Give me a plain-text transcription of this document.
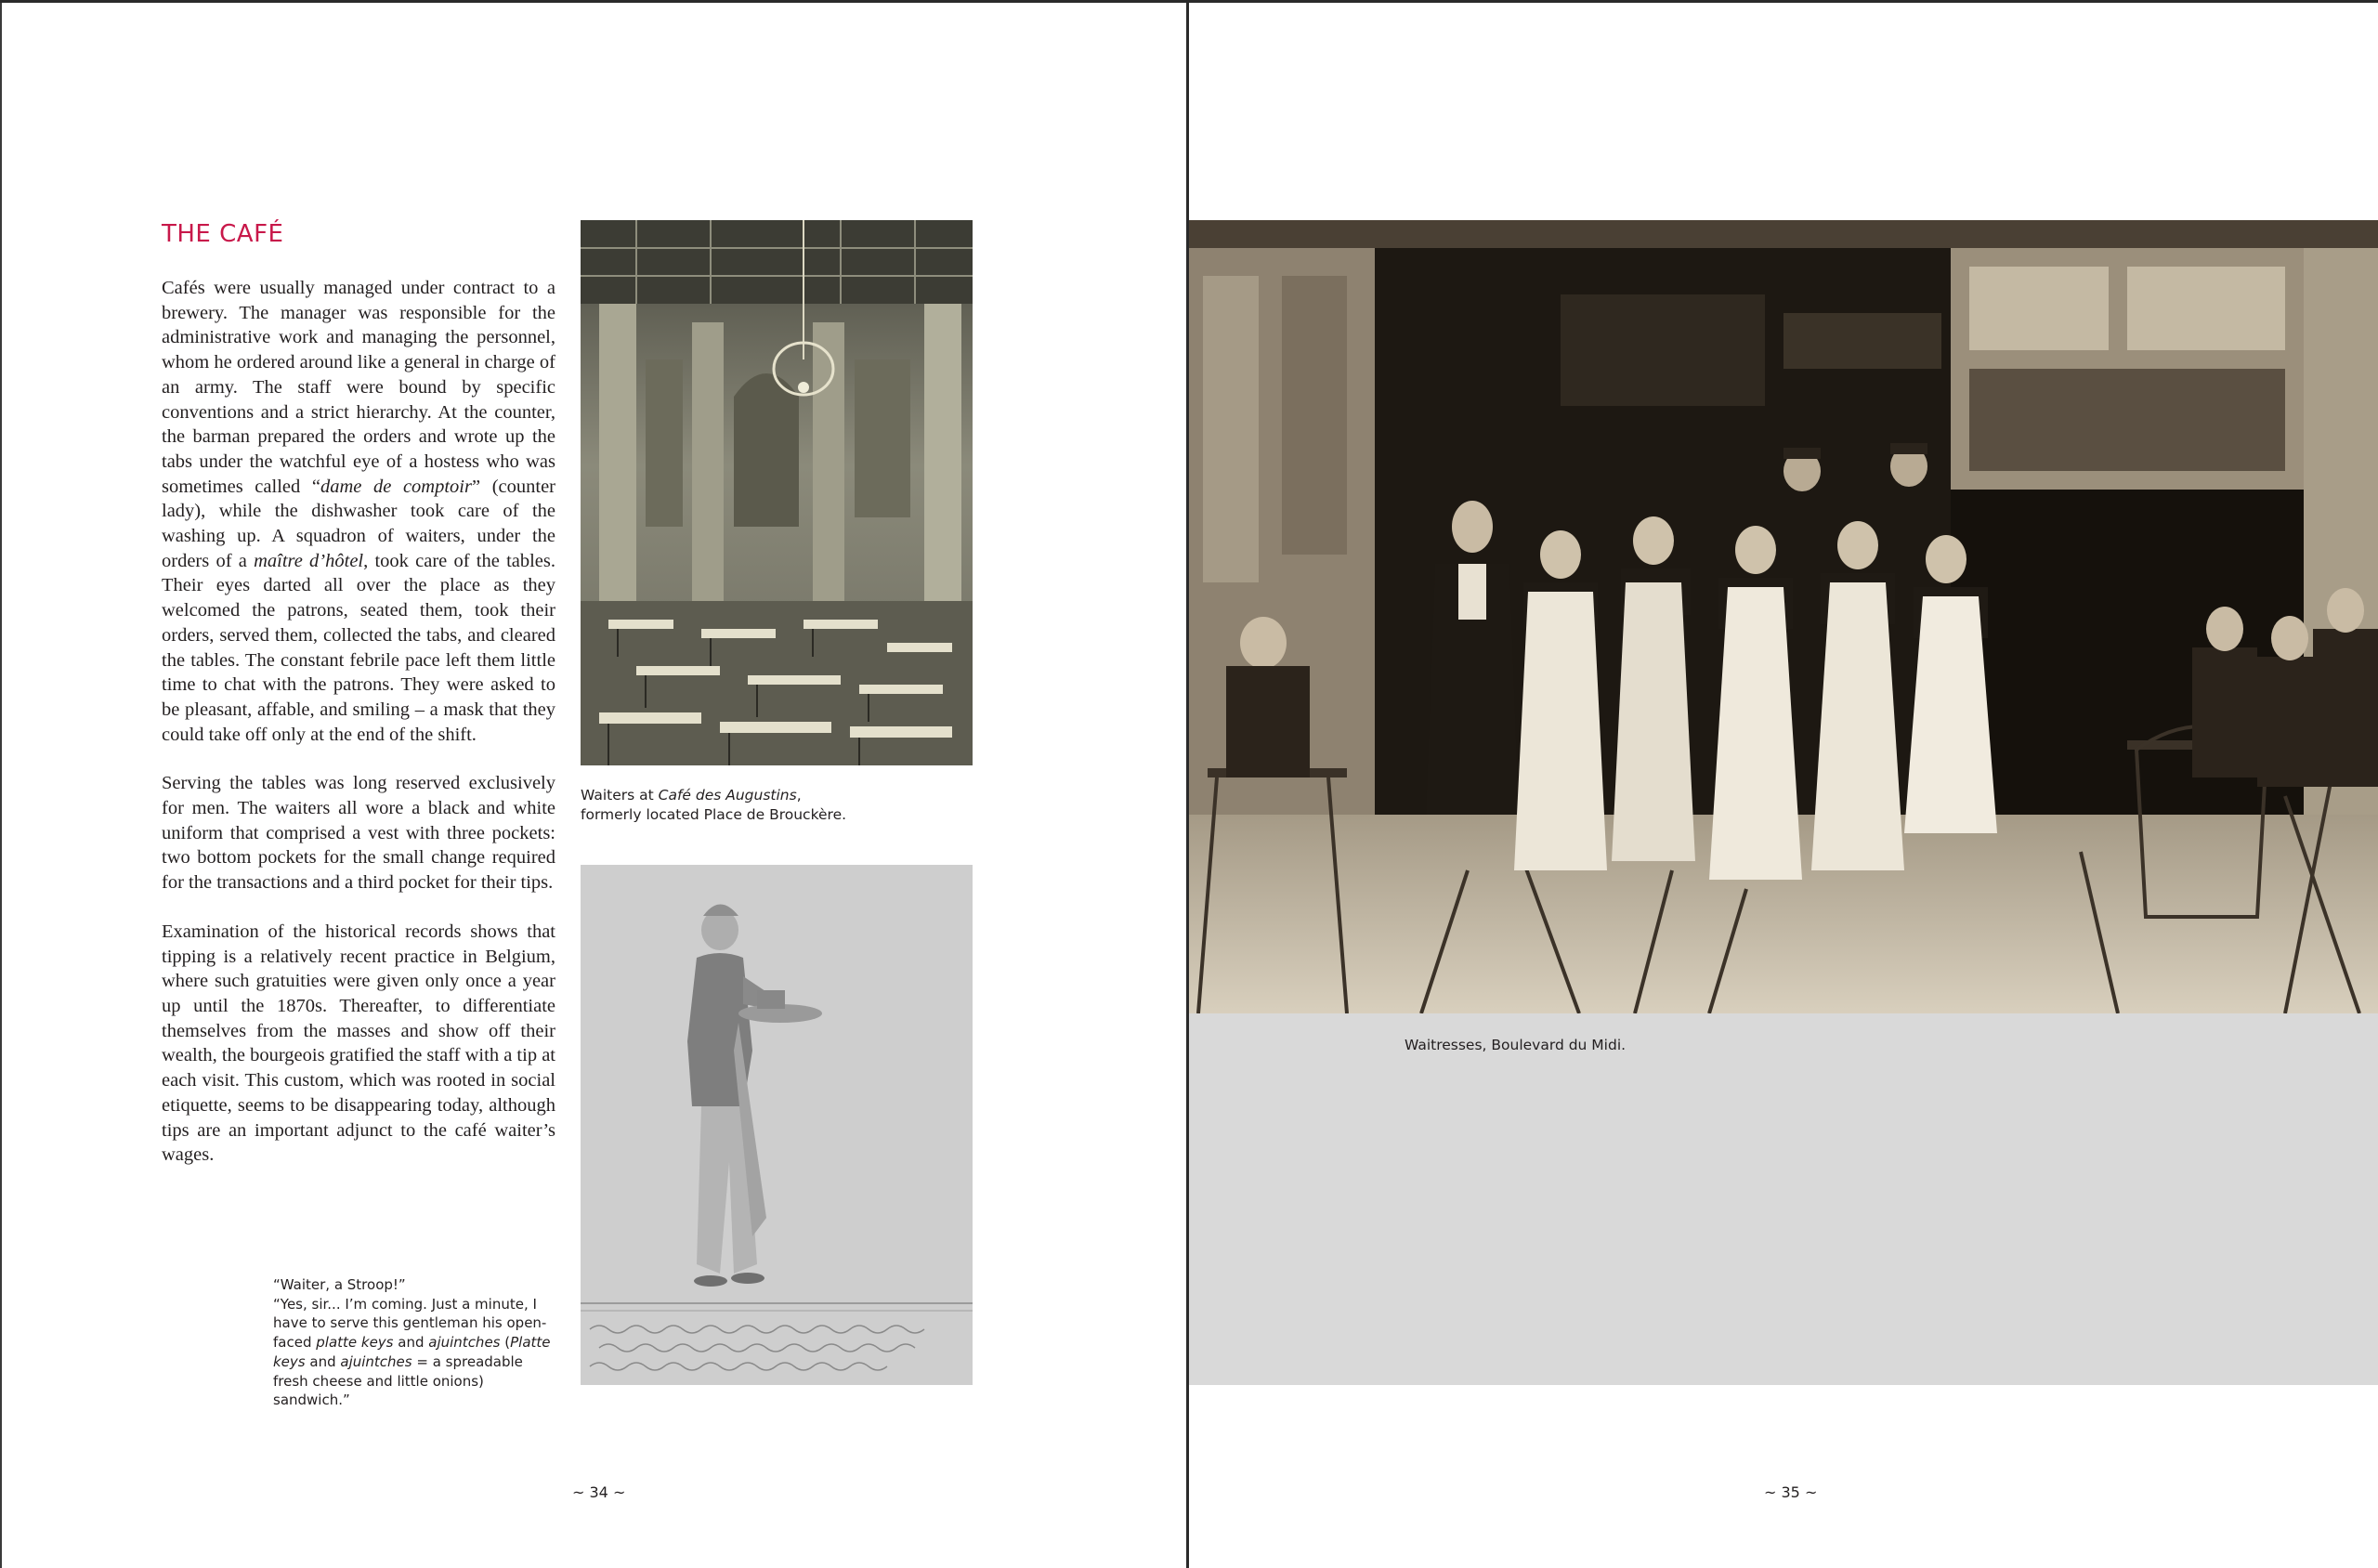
THE CAFÉ

Cafés were usually managed under contract to a brewery. The manager was responsible for the administrative work and managing the personnel, whom he ordered around like a general in charge of an army. The staff were bound by specific conventions and a strict hierarchy. At the counter, the barman prepared the orders and wrote up the tabs under the watchful eye of a hostess who was sometimes called “dame de comptoir” (counter lady), while the dishwasher took care of the washing up. A squadron of waiters, under the orders of a maître d’hôtel, took care of the tables. Their eyes darted all over the place as they welcomed the patrons, seated them, took their orders, served them, collected the tabs, and cleared the tables. The constant febrile pace left them little time to chat with the patrons. They were asked to be pleasant, affable, and smiling – a mask that they could take off only at the end of the shift.

Serving the tables was long reserved exclusively for men. The waiters all wore a black and white uniform that comprised a vest with three pockets: two bottom pockets for the small change required for the transactions and a third pocket for their tips.

Examination of the historical records shows that tipping is a relatively recent practice in Belgium, where such gratuities were given only once a year up until the 1870s. Thereafter, to differentiate themselves from the masses and show off their wealth, the bourgeois gratified the staff with a tip at each visit. This custom, which was rooted in social etiquette, seems to be disappearing today, although tips are an important adjunct to the café waiter’s wages.

Waiters at Café des Augustins,
formerly located Place de Brouckère.
“Waiter, a Stroop!”
“Yes, sir... I’m coming. Just a minute, I have to serve this gentleman his open-faced platte keys and ajuintches (Platte keys and ajuintches = a spreadable fresh cheese and little onions) sandwich.”
~ 34 ~
Waitresses, Boulevard du Midi.
~ 35 ~
